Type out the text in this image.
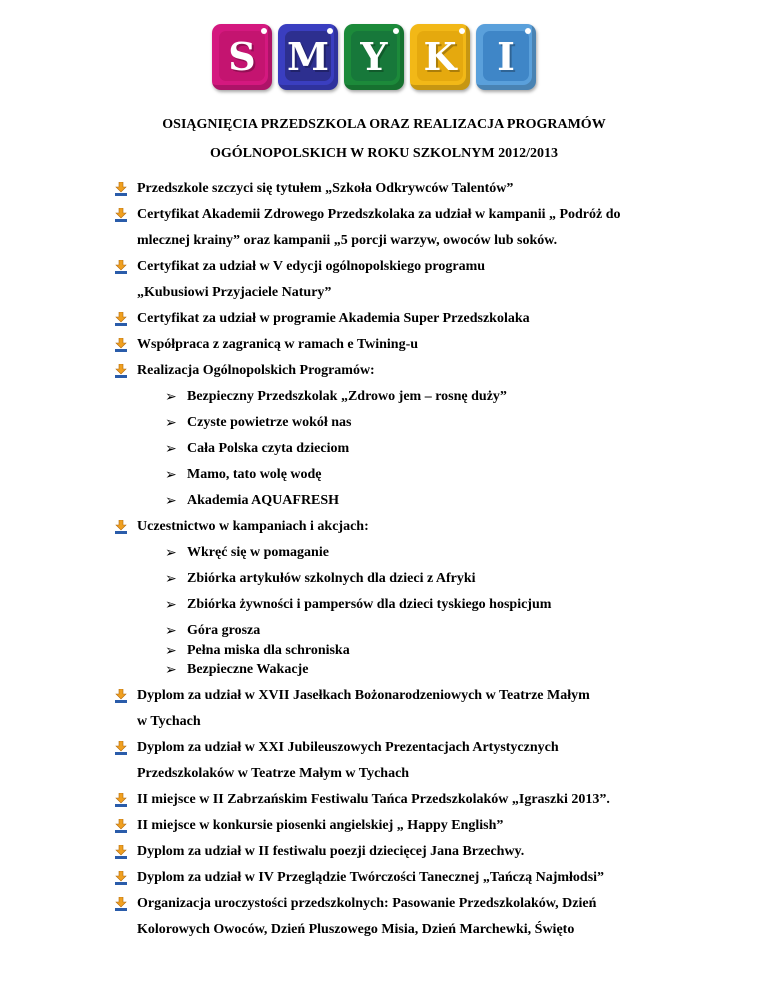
S M Y K	I
OSIĄGNIĘCIA PRZEDSZKOLA ORAZ REALIZACJA PROGRAMÓW
OGÓLNOPOLSKICH W ROKU SZKOLNYM 2012/2013
Przedszkole szczyci się tytułem „Szkoła Odkrywców Talentów”
Certyfikat Akademii Zdrowego Przedszkolaka za udział w kampanii „ Podróż do
mlecznej krainy” oraz kampanii „5 porcji warzyw, owoców lub soków.
Certyfikat za udział w V edycji ogólnopolskiego programu
„Kubusiowi Przyjaciele Natury”
Certyfikat za udział w programie Akademia Super Przedszkolaka
Współpraca z zagranicą w ramach e Twining-u
Realizacja Ogólnopolskich Programów:
➢ Bezpieczny Przedszkolak „Zdrowo jem – rosnę duży”
➢ Czyste powietrze wokół nas
➢ Cała Polska czyta dzieciom
➢ Mamo, tato wolę wodę
➢ Akademia AQUAFRESH
Uczestnictwo w kampaniach i akcjach:
➢ Wkręć się w pomaganie
➢ Zbiórka artykułów szkolnych dla dzieci z Afryki
➢ Zbiórka żywności i pampersów dla dzieci tyskiego hospicjum
➢ Góra grosza
➢ Pełna miska dla schroniska
➢ Bezpieczne Wakacje
Dyplom za udział w XVII Jasełkach Bożonarodzeniowych w Teatrze Małym
w Tychach
Dyplom za udział w XXI Jubileuszowych Prezentacjach Artystycznych
Przedszkolaków w Teatrze Małym w Tychach
II miejsce w II Zabrzańskim Festiwalu Tańca Przedszkolaków „Igraszki 2013”.
II miejsce w konkursie piosenki angielskiej „ Happy English”
Dyplom za udział w II festiwalu poezji dziecięcej Jana Brzechwy.
Dyplom za udział w IV Przeglądzie Twórczości Tanecznej „Tańczą Najmłodsi”
Organizacja uroczystości przedszkolnych: Pasowanie Przedszkolaków, Dzień
Kolorowych Owoców, Dzień Pluszowego Misia, Dzień Marchewki, Święto
